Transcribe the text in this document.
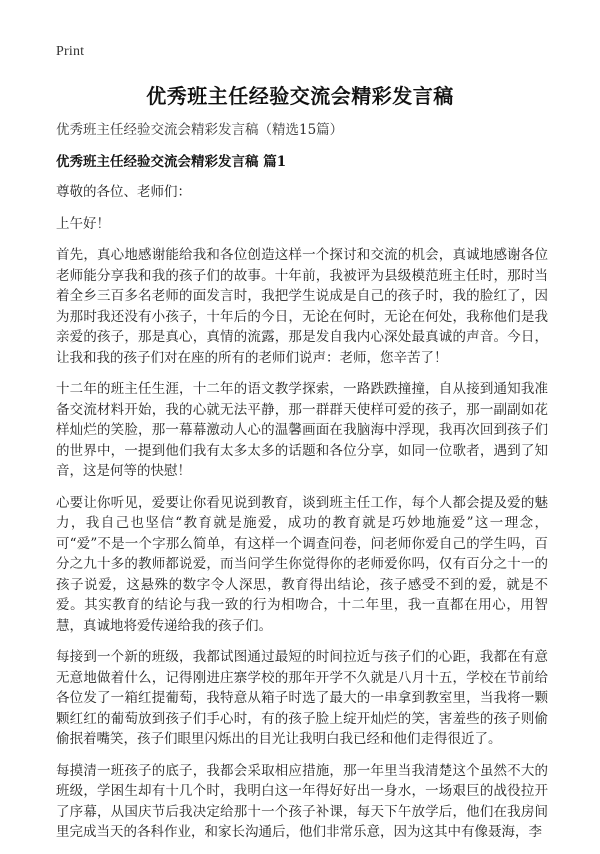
Print
优秀班主任经验交流会精彩发言稿

优秀班主任经验交流会精彩发言稿（精选15篇）

优秀班主任经验交流会精彩发言稿 篇1

尊敬的各位、老师们：

上午好！

首先，真心地感谢能给我和各位创造这样一个探讨和交流的机会，真诚地感谢各位老师能分享我和我的孩子们的故事。十年前，我被评为县级模范班主任时，那时当着全乡三百多名老师的面发言时，我把学生说成是自己的孩子时，我的脸红了，因为那时我还没有小孩子，十年后的今日，无论在何时，无论在何处，我称他们是我亲爱的孩子，那是真心，真情的流露，那是发自我内心深处最真诚的声音。今日，让我和我的孩子们对在座的所有的老师们说声：老师，您辛苦了！

十二年的班主任生涯，十二年的语文教学探索，一路跌跌撞撞，自从接到通知我准备交流材料开始，我的心就无法平静，那一群群天使样可爱的孩子，那一副副如花样灿烂的笑脸，那一幕幕激动人心的温馨画面在我脑海中浮现，我再次回到孩子们的世界中，一提到他们我有太多太多的话题和各位分享，如同一位歌者，遇到了知音，这是何等的快慰！

心要让你听见，爱要让你看见说到教育，谈到班主任工作，每个人都会提及爱的魅力，我自己也坚信“教育就是施爱，成功的教育就是巧妙地施爱”这一理念，可“爱”不是一个字那么简单，有这样一个调查问卷，问老师你爱自己的学生吗，百分之九十多的教师都说爱，而当问学生你觉得你的老师爱你吗，仅有百分之十一的孩子说爱，这悬殊的数字令人深思，教育得出结论，孩子感受不到的爱，就是不爱。其实教育的结论与我一致的行为相吻合，十二年里，我一直都在用心，用智慧，真诚地将爱传递给我的孩子们。

每接到一个新的班级，我都试图通过最短的时间拉近与孩子们的心距，我都在有意无意地做着什么，记得刚进庄寨学校的那年开学不久就是八月十五，学校在节前给各位发了一箱红提葡萄，我特意从箱子时选了最大的一串拿到教室里，当我将一颗颗红红的葡萄放到孩子们手心时，有的孩子脸上绽开灿烂的笑，害羞些的孩子则偷偷抿着嘴笑，孩子们眼里闪烁出的目光让我明白我已经和他们走得很近了。

每摸清一班孩子的底子，我都会采取相应措施，那一年里当我清楚这个虽然不大的班级，学困生却有十几个时，我明白这一年得好好出一身水，一场艰巨的战役拉开了序幕，从国庆节后我决定给那十一个孩子补课，每天下午放学后，他们在我房间里完成当天的各科作业，和家长沟通后，他们非常乐意，因为这其中有像聂海，李
